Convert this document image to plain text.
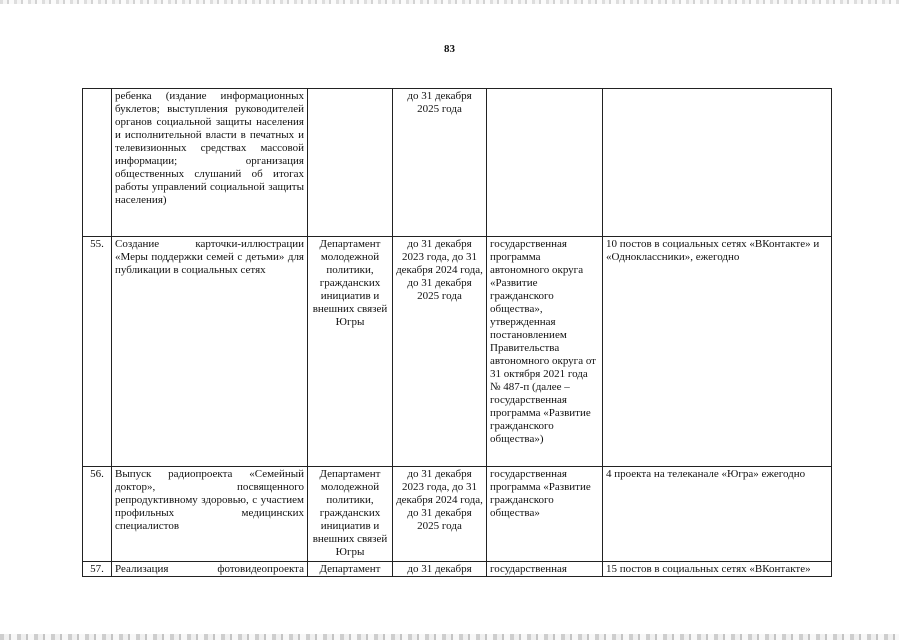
83
	ребенка (издание информационных буклетов; выступления руководителей органов социальной защиты населения и исполнительной власти в печатных и телевизионных средствах массовой информации; организация общественных слушаний об итогах работы управлений социальной защиты населения)		до 31 декабря 2025 года		
55.	Создание карточки-иллюстрации «Меры поддержки семей с детьми» для публикации в социальных сетях	Департамент молодежной политики, гражданских инициатив и внешних связей Югры	до 31 декабря 2023 года, до 31 декабря 2024 года, до 31 декабря 2025 года	государственная программа автономного округа «Развитие гражданского общества», утвержденная постановлением Правительства автономного округа от 31 октября 2021 года № 487-п (далее – государственная программа «Развитие гражданского общества»)	10 постов в социальных сетях «ВКонтакте» и «Одноклассники», ежегодно
56.	Выпуск радиопроекта «Семейный доктор», посвященного репродуктивному здоровью, с участием профильных медицинских специалистов	Департамент молодежной политики, гражданских инициатив и внешних связей Югры	до 31 декабря 2023 года, до 31 декабря 2024 года, до 31 декабря 2025 года	государственная программа «Развитие гражданского общества»	4 проекта на телеканале «Югра» ежегодно
57.	Реализация фотовидеопроекта	Департамент	до 31 декабря	государственная	15 постов в социальных сетях «ВКонтакте»
